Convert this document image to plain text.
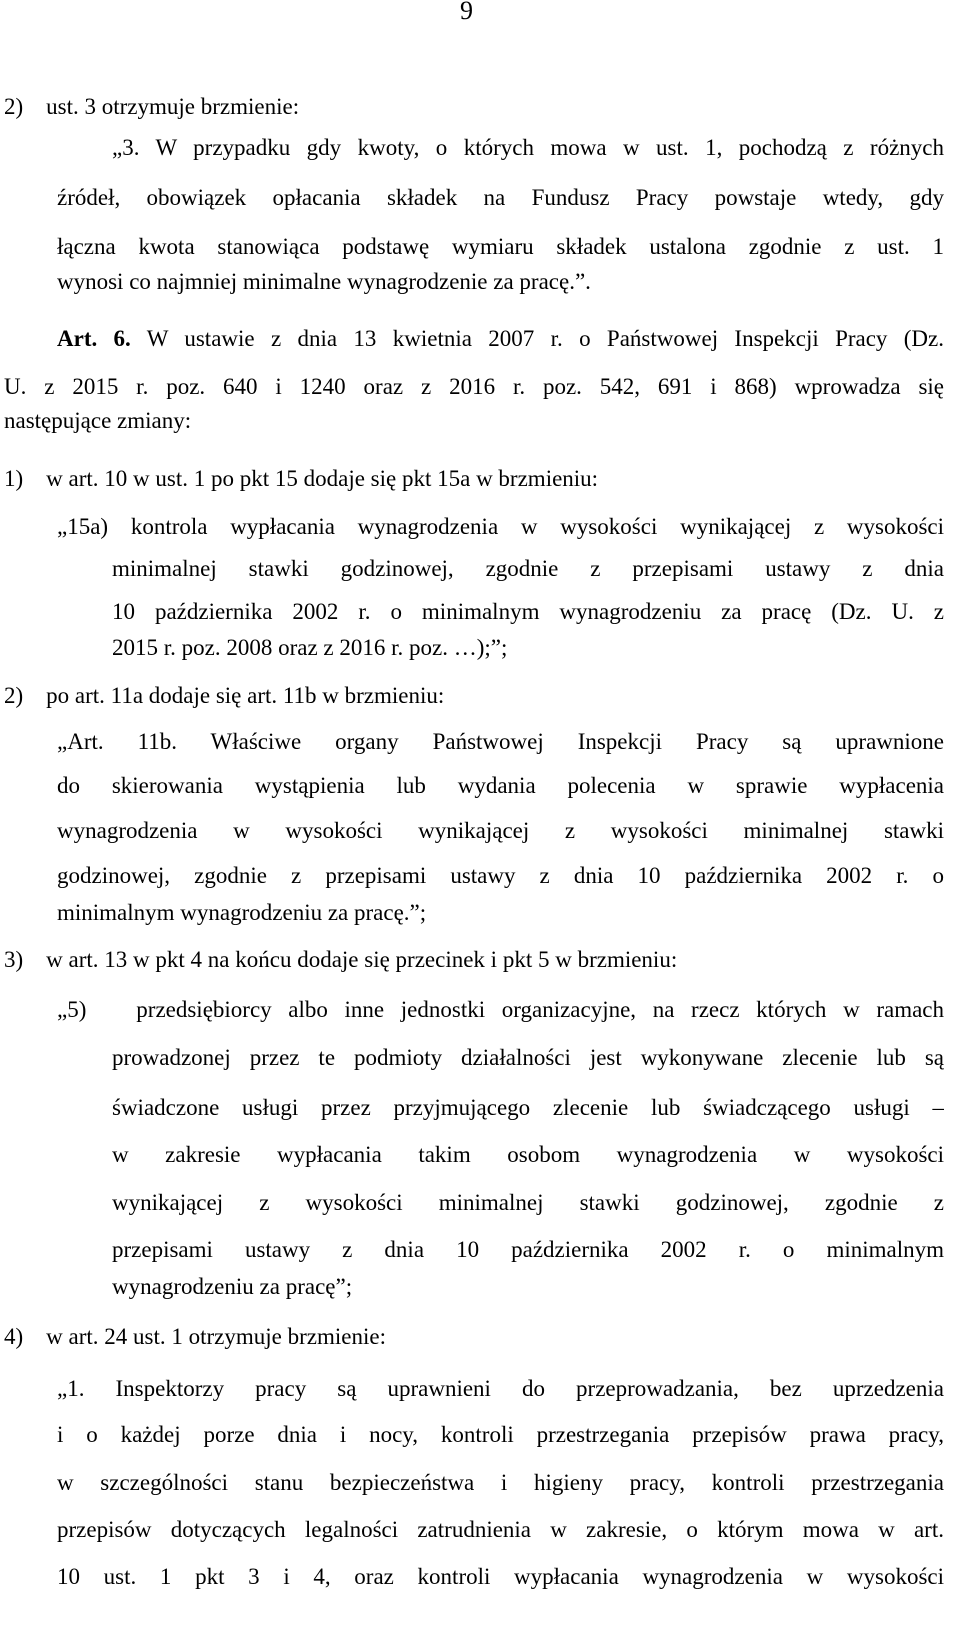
9
2)    ust. 3 otrzymuje brzmienie:
„3. W przypadku gdy kwoty, o których mowa w ust. 1, pochodzą z różnych
źródeł, obowiązek opłacania składek na Fundusz Pracy powstaje wtedy, gdy
łączna kwota stanowiąca podstawę wymiaru składek ustalona zgodnie z ust. 1
wynosi co najmniej minimalne wynagrodzenie za pracę.”.
Art. 6. W ustawie z dnia 13 kwietnia 2007 r. o Państwowej Inspekcji Pracy (Dz.
U. z 2015 r. poz. 640 i 1240 oraz z 2016 r. poz. 542, 691 i 868) wprowadza się
następujące zmiany:
1)    w art. 10 w ust. 1 po pkt 15 dodaje się pkt 15a w brzmieniu:
„15a) kontrola wypłacania wynagrodzenia w wysokości wynikającej z wysokości
minimalnej stawki godzinowej, zgodnie z przepisami ustawy z dnia
10 października 2002 r. o minimalnym wynagrodzeniu za pracę (Dz. U. z
2015 r. poz. 2008 oraz z 2016 r. poz. …);”;
2)    po art. 11a dodaje się art. 11b w brzmieniu:
„Art. 11b. Właściwe organy Państwowej Inspekcji Pracy są uprawnione
do skierowania wystąpienia lub wydania polecenia w sprawie wypłacenia
wynagrodzenia w wysokości wynikającej z wysokości minimalnej stawki
godzinowej, zgodnie z przepisami ustawy z dnia 10 października 2002 r. o
minimalnym wynagrodzeniu za pracę.”;
3)    w art. 13 w pkt 4 na końcu dodaje się przecinek i pkt 5 w brzmieniu:
„5)   przedsiębiorcy albo inne jednostki organizacyjne, na rzecz których w ramach
prowadzonej przez te podmioty działalności jest wykonywane zlecenie lub są
świadczone usługi przez przyjmującego zlecenie lub świadczącego usługi –
w zakresie wypłacania takim osobom wynagrodzenia w wysokości
wynikającej z wysokości minimalnej stawki godzinowej, zgodnie z
przepisami ustawy z dnia 10 października 2002 r. o minimalnym
wynagrodzeniu za pracę”;
4)    w art. 24 ust. 1 otrzymuje brzmienie:
„1. Inspektorzy pracy są uprawnieni do przeprowadzania, bez uprzedzenia
i o każdej porze dnia i nocy, kontroli przestrzegania przepisów prawa pracy,
w szczególności stanu bezpieczeństwa i higieny pracy, kontroli przestrzegania
przepisów dotyczących legalności zatrudnienia w zakresie, o którym mowa w art.
10 ust. 1 pkt 3 i 4, oraz kontroli wypłacania wynagrodzenia w wysokości
